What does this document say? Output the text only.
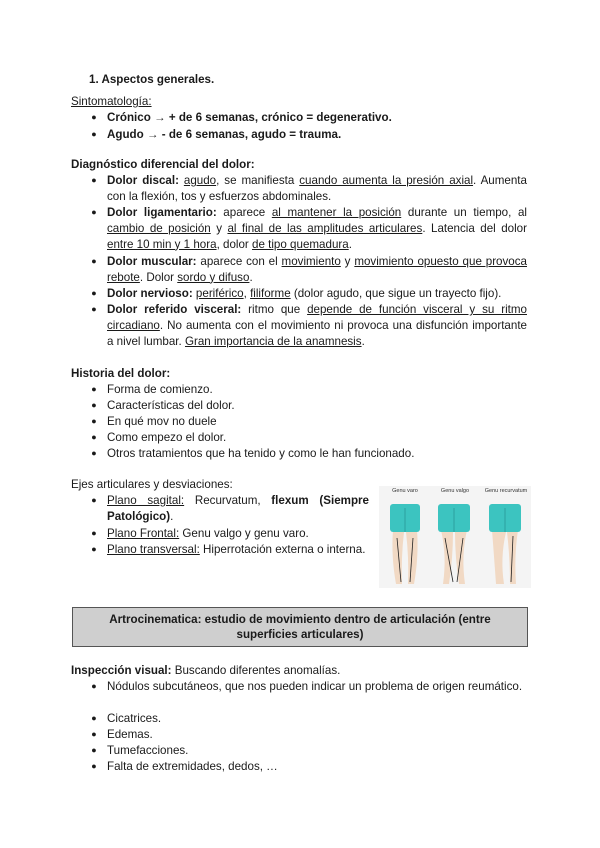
1. Aspectos generales.
Sintomatología:
● Crónico → + de 6 semanas, crónico = degenerativo.
● Agudo → - de 6 semanas, agudo = trauma.
Diagnóstico diferencial del dolor:
● Dolor discal: agudo, se manifiesta cuando aumenta la presión axial. Aumenta con la flexión, tos y esfuerzos abdominales.
● Dolor ligamentario: aparece al mantener la posición durante un tiempo, al cambio de posición y al final de las amplitudes articulares. Latencia del dolor entre 10 min y 1 hora, dolor de tipo quemadura.
● Dolor muscular: aparece con el movimiento y movimiento opuesto que provoca rebote. Dolor sordo y difuso.
● Dolor nervioso: periférico, filiforme (dolor agudo, que sigue un trayecto fijo).
● Dolor referido visceral: ritmo que depende de función visceral y su ritmo circadiano. No aumenta con el movimiento ni provoca una disfunción importante a nivel lumbar. Gran importancia de la anamnesis.
Historia del dolor:
● Forma de comienzo.
● Características del dolor.
● En qué mov no duele
● Como empezo el dolor.
● Otros tratamientos que ha tenido y como le han funcionado.
Ejes articulares y desviaciones:
● Plano sagital: Recurvatum, flexum (Siempre Patológico).
● Plano Frontal: Genu valgo y genu varo.
● Plano transversal: Hiperrotación externa o interna.
Genu varo	Genu valgo	Genu recurvatum
Artrocinematica: estudio de movimiento dentro de articulación (entre superficies articulares)
Inspección visual: Buscando diferentes anomalías.
● Nódulos subcutáneos, que nos pueden indicar un problema de origen reumático.
● Cicatrices.
● Edemas.
● Tumefacciones.
● Falta de extremidades, dedos, …
